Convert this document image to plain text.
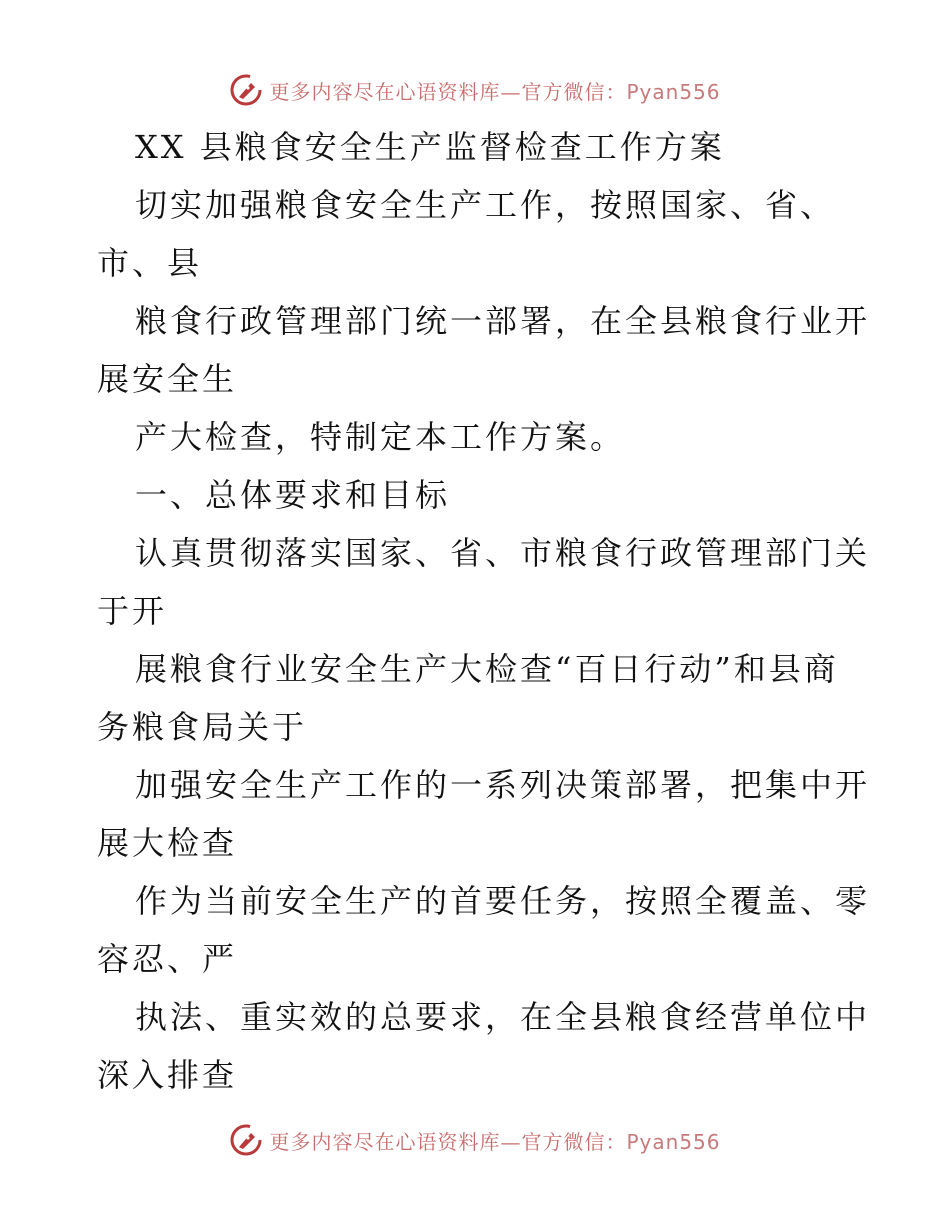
更多内容尽在心语资料库—官方微信：Pyan556
XX 县粮食安全生产监督检查工作方案
切实加强粮食安全生产工作，按照国家、省、
市、县
粮食行政管理部门统一部署，在全县粮食行业开
展安全生
产大检查，特制定本工作方案。
一、总体要求和目标
认真贯彻落实国家、省、市粮食行政管理部门关
于开
展粮食行业安全生产大检查“百日行动”和县商
务粮食局关于
加强安全生产工作的一系列决策部署，把集中开
展大检查
作为当前安全生产的首要任务，按照全覆盖、零
容忍、严
执法、重实效的总要求，在全县粮食经营单位中
深入排查
更多内容尽在心语资料库—官方微信：Pyan556
